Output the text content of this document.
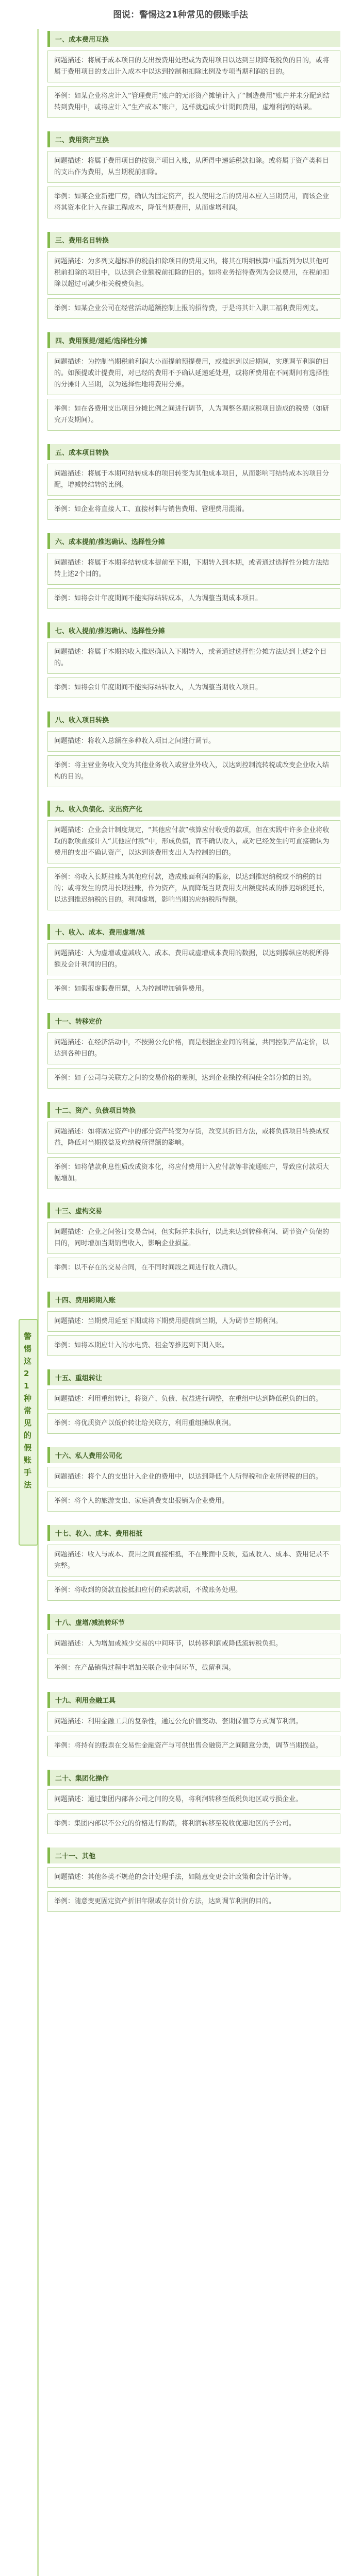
图说：警惕这21种常见的假账手法
警惕这21种常见的假账手法
一、成本费用互换
问题描述：将属于成本项目的支出按费用处理或为费用项目以达到当期降低税负的目的，或将属于费用项目的支出计入成本中以达到控制和扣除比例及专项当期利润的目的。
举例：如某企业将应计入“管理费用”账户的无形资产摊销计入了“制造费用”账户并未分配到结转到费用中，或将应计入“生产成本”账户，这样就造成少计期间费用，虚增利润的结果。
二、费用资产互换
问题描述：将属于费用项目的按资产项目入账，从所得中递延税款扣除。或将属于资产类科目的支出作为费用，从当期税前扣除。
举例：如某企业新建厂房，确认为固定资产，投入使用之后的费用本应入当期费用，而该企业将其资本化计入在建工程成本，降低当期费用，从而虚增利润。
三、费用名目转换
问题描述：为多列支超标准的税前扣除项目的费用支出，将其在明细核算中重新列为以其他可税前扣除的项目中，以达到企业额税前扣除的目的。如将业务招待费列为会议费用，在税前扣除以超过可减少相关税费负担。
举例：如某企业公司在经营活动超额控制上报的招待费，于是将其计入职工福利费用列支。
四、费用预提/递延/选择性分摊
问题描述：为控制当期税前利润大小而提前预提费用，或推迟到以后期间，实现调节利润的目的。如预提或计提费用，对已经的费用不予确认延递延处理，或将所费用在不同期间有选择性的分摊计入当期，以为选择性地将费用分摊。
举例：如在各费用支出项目分摊比例之间进行调节，人为调整各期应税项目造成的税费（如研究开发期间）。
五、成本项目转换
问题描述：将属于本期可结转成本的项目转变为其他成本项目，从而影响可结转成本的项目分配，增减转结转的比例。
举例：如企业将直接人工、直接材料与销售费用、管理费用混淆。
六、成本提前/推迟确认、选择性分摊
问题描述：将属于本期多结转成本提前至下期，下期转入到本期，或者通过选择性分摊方法结转上述2个目的。
举例：如将会计年度期间不能实际结转成本，人为调整当期成本项目。
七、收入提前/推迟确认、选择性分摊
问题描述：将属于本期的收入推迟确认入下期转入，或者通过选择性分摊方法达到上述2个目的。
举例：如将会计年度期间不能实际结转收入，人为调整当期收入项目。
八、收入项目转换
问题描述：将收入总额在多种收入项目之间进行调节。
举例：将主营业务收入变为其他业务收入或营业外收入，以达到控制流转税或改变企业收入结构的目的。
九、收入负债化、支出资产化
问题描述：企业会计制度规定，“其他应付款”核算应付收受的款项，但在实践中许多企业将收取的款项直接计入“其他应付款”中，形成负债，而不确认收入，或对已经发生的可直接确认为费用的支出不确认资产，以达到该费用支出人为控制的目的。
举例：将收入长期挂账为其他应付款，造成账面利润的假象，以达到推迟纳税或不纳税的目的；或将发生的费用长期挂账，作为资产，从而降低当期费用支出额度转成的推迟纳税延长，以达到推迟纳税的目的。利润虚增，影响当期的应纳税所得额。
十、收入、成本、费用虚增/减
问题描述：人为虚增或虚减收入、成本、费用或虚增成本费用的数据，以达到操纵应纳税所得额及会计利润的目的。
举例：如假报虚假费用票，人为控制增加销售费用。
十一、转移定价
问题描述：在经济活动中，不按照公允价格，而是根据企业间的利益，共同控制产品定价，以达到各种目的。
举例：如子公司与关联方之间的交易价格的差别，达到企业操控利润使全部分摊的目的。
十二、资产、负债项目转换
问题描述：如将固定资产中的部分资产转变为存货，改变其折旧方法，或将负债项目转换成权益，降低对当期损益及应纳税所得额的影响。
举例：如将借款利息性质改成资本化，将应付费用计入应付款等非流通账户，导致应付款项大幅增加。
十三、虚构交易
问题描述：企业之间签订交易合同，但实际并未执行，以此来达到转移利润、调节资产负债的目的，同时增加当期销售收入，影响企业损益。
举例：以不存在的交易合同，在不同时间段之间进行收入确认。
十四、费用跨期入账
问题描述：当期费用延至下期或将下期费用提前到当期，人为调节当期利润。
举例：如将本期应计入的水电费、租金等推迟到下期入账。
十五、重组转让
问题描述：利用重组转让，将资产、负债、权益进行调整，在重组中达到降低税负的目的。
举例：将优质资产以低价转让给关联方，利用重组操纵利润。
十六、私人费用公司化
问题描述：将个人的支出计入企业的费用中，以达到降低个人所得税和企业所得税的目的。
举例：将个人的旅游支出、家庭消费支出报销为企业费用。
十七、收入、成本、费用相抵
问题描述：收入与成本、费用之间直接相抵，不在账面中反映，造成收入、成本、费用记录不完整。
举例：将收到的货款直接抵扣应付的采购款项，不做账务处理。
十八、虚增/减流转环节
问题描述：人为增加或减少交易的中间环节，以转移利润或降低流转税负担。
举例：在产品销售过程中增加关联企业中间环节，截留利润。
十九、利用金融工具
问题描述：利用金融工具的复杂性，通过公允价值变动、套期保值等方式调节利润。
举例：将持有的股票在交易性金融资产与可供出售金融资产之间随意分类，调节当期损益。
二十、集团化操作
问题描述：通过集团内部各公司之间的交易，将利润转移至低税负地区或亏损企业。
举例：集团内部以不公允的价格进行购销，将利润转移至税收优惠地区的子公司。
二十一、其他
问题描述：其他各类不规范的会计处理手法，如随意变更会计政策和会计估计等。
举例：随意变更固定资产折旧年限或存货计价方法，达到调节利润的目的。
